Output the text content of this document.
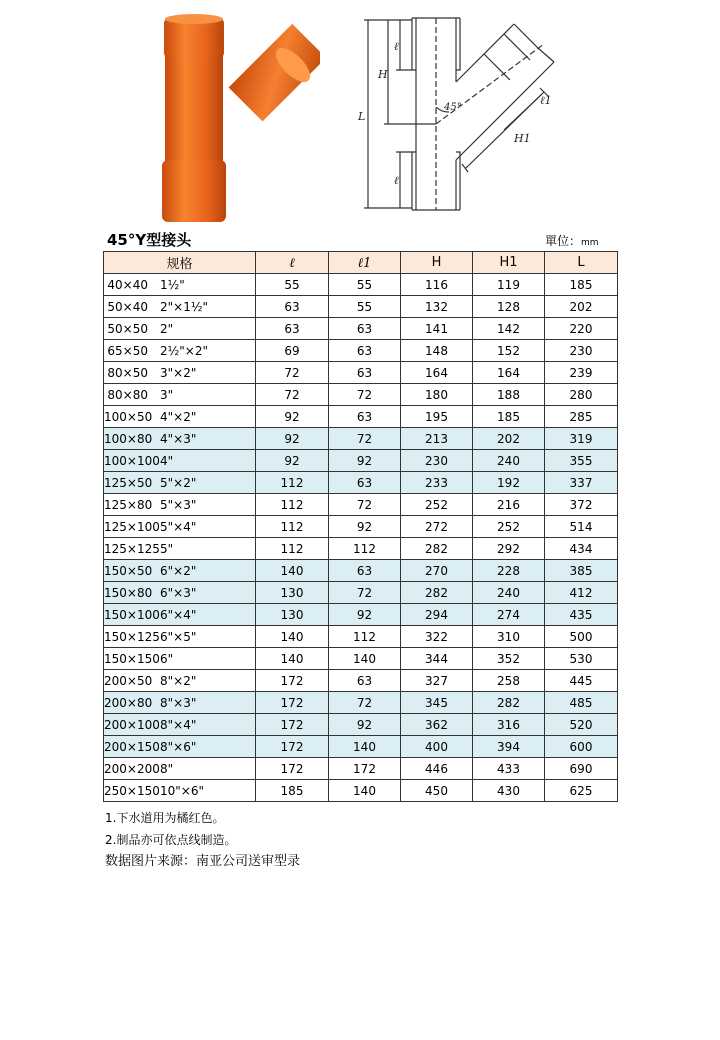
L
H
ℓ
ℓ
45°
ℓ1
H1
45°Y型接头	單位：mm
规格	ℓ	ℓ1	H	H1	L
40×40 1½"	55	55	116	119	185
50×40 2"×1½"	63	55	132	128	202
50×50 2"	63	63	141	142	220
65×50 2½"×2"	69	63	148	152	230
80×50 3"×2"	72	63	164	164	239
80×80 3"	72	72	180	188	280
100×50 4"×2"	92	63	195	185	285
100×80 4"×3"	92	72	213	202	319
100×1004"	92	92	230	240	355
125×50 5"×2"	112	63	233	192	337
125×80 5"×3"	112	72	252	216	372
125×1005"×4"	112	92	272	252	514
125×1255"	112	112	282	292	434
150×50 6"×2"	140	63	270	228	385
150×80 6"×3"	130	72	282	240	412
150×1006"×4"	130	92	294	274	435
150×1256"×5"	140	112	322	310	500
150×1506"	140	140	344	352	530
200×50 8"×2"	172	63	327	258	445
200×80 8"×3"	172	72	345	282	485
200×1008"×4"	172	92	362	316	520
200×1508"×6"	172	140	400	394	600
200×2008"	172	172	446	433	690
250×15010"×6"	185	140	450	430	625
1.下水道用为橘红色。
2.制品亦可依点线制造。
数据图片来源：南亚公司送审型录
